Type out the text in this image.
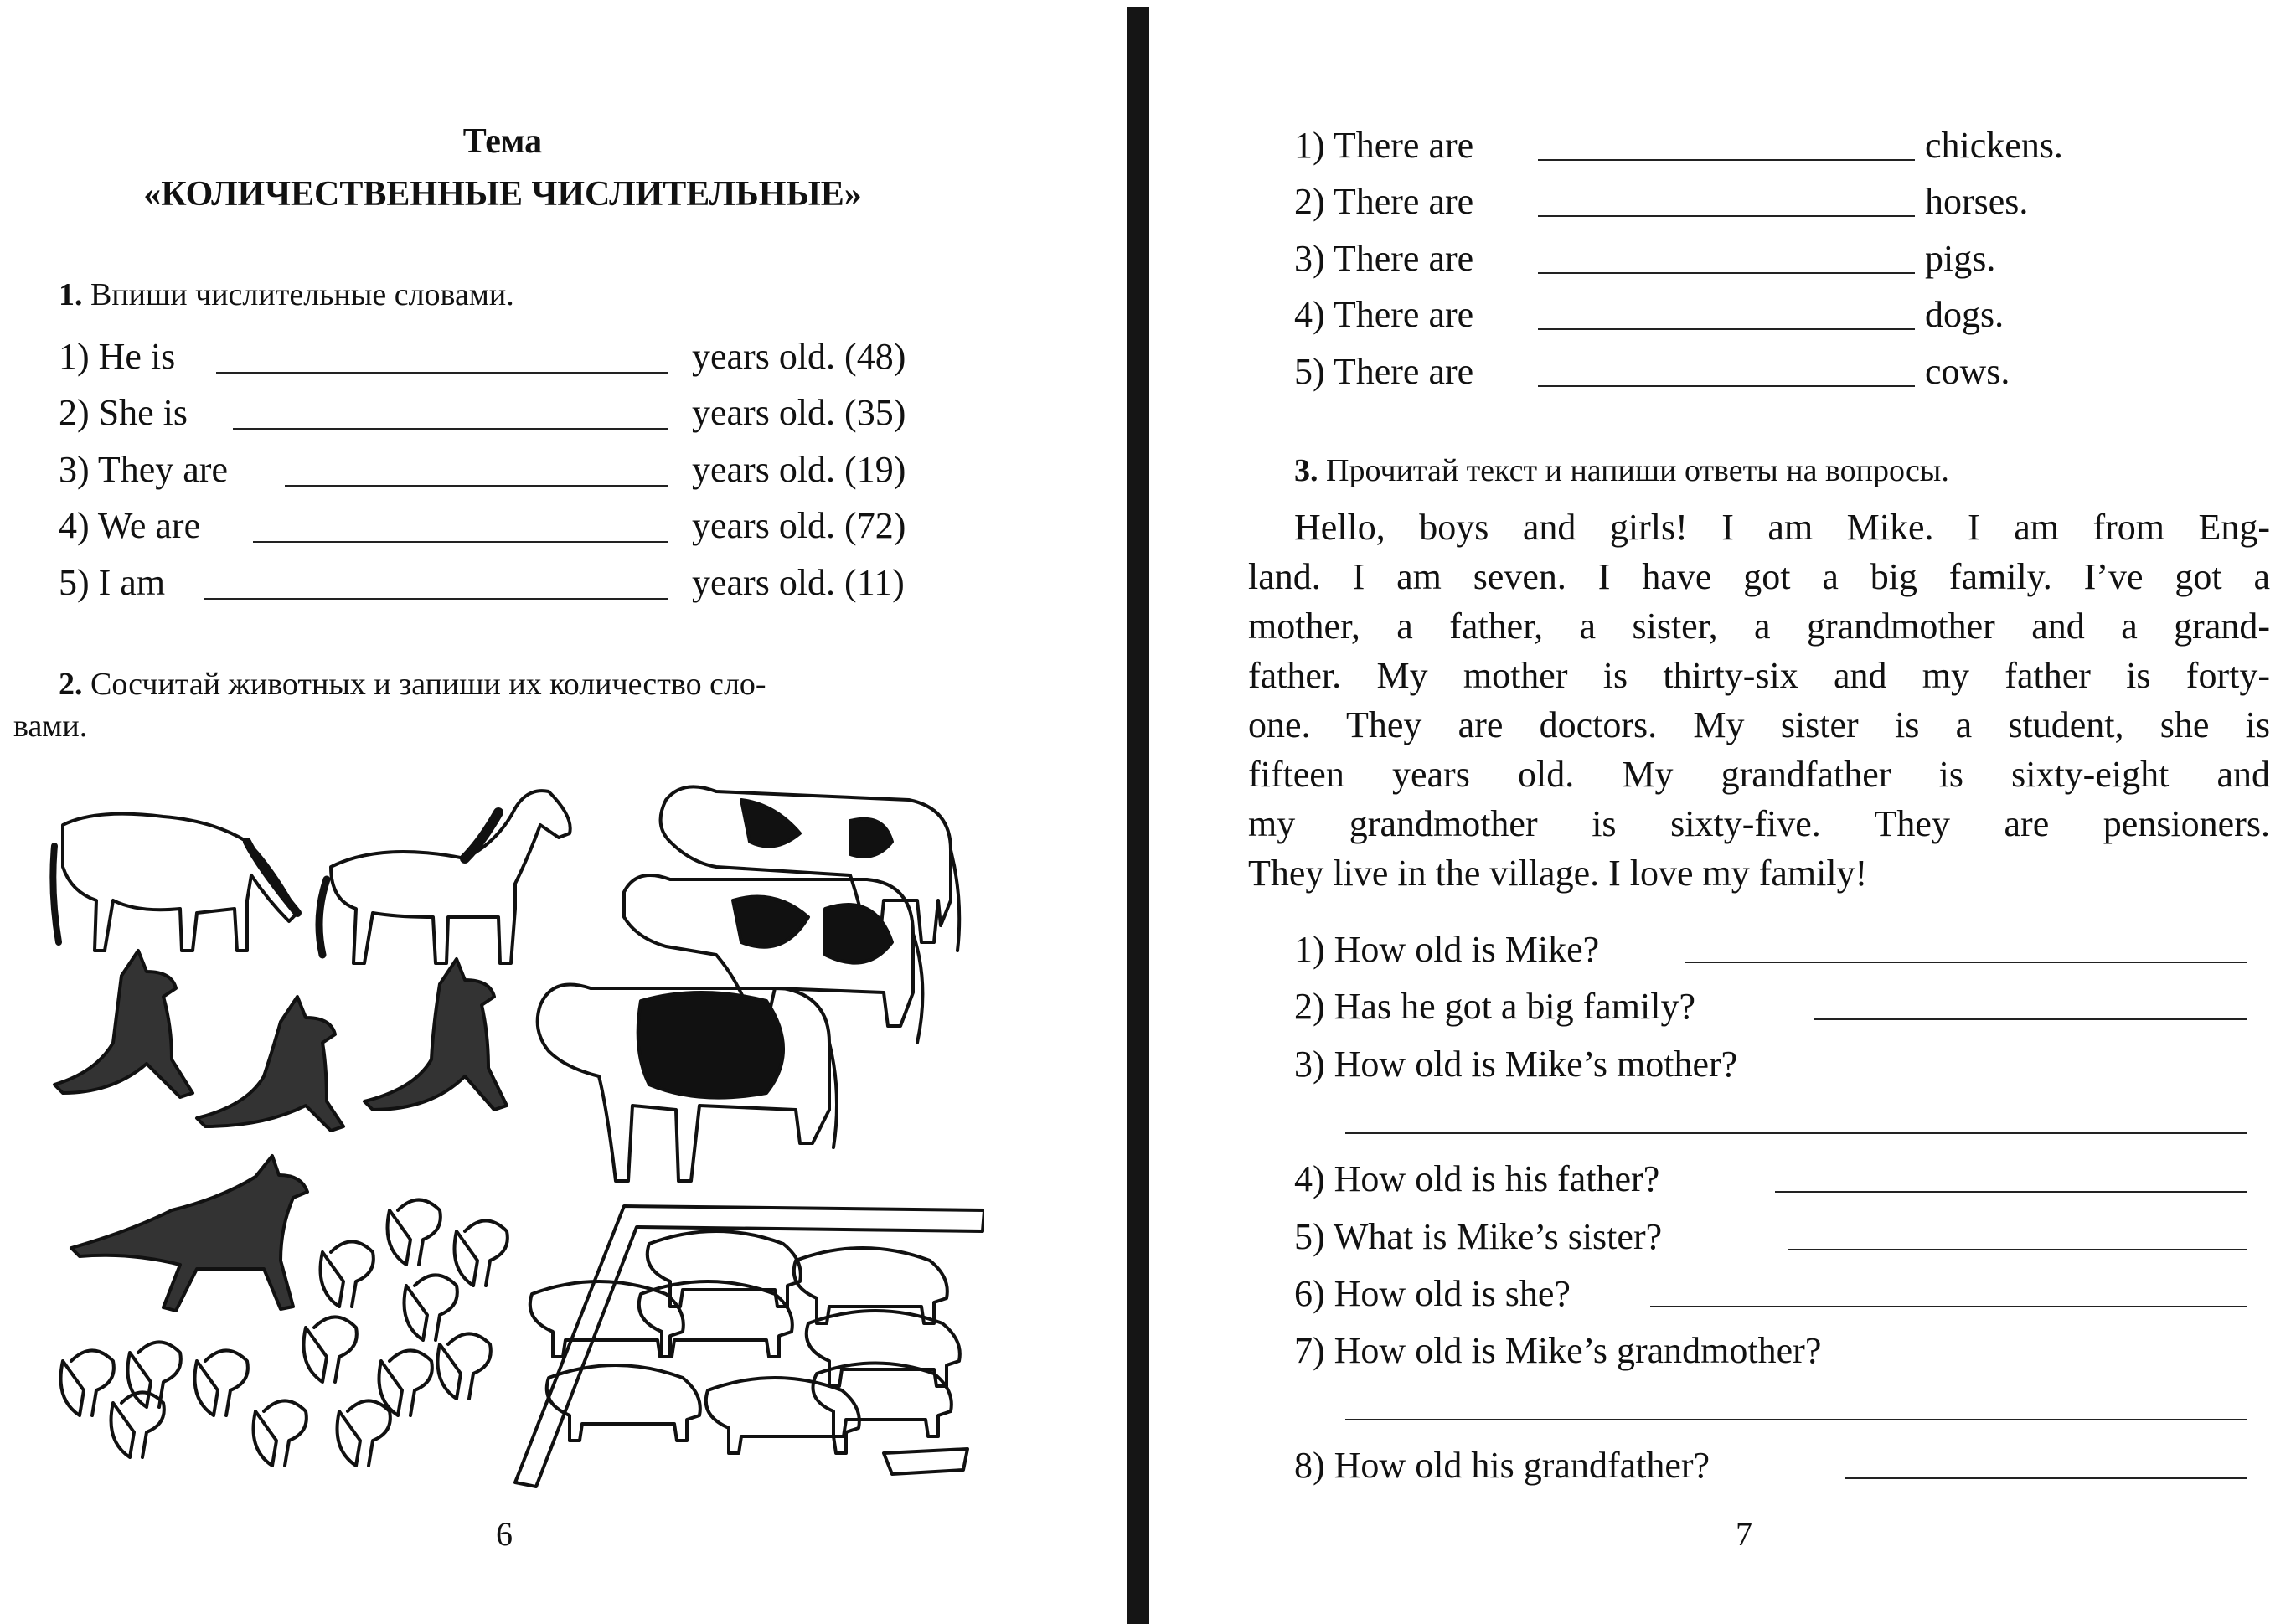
Тема
«КОЛИЧЕСТВЕННЫЕ ЧИСЛИТЕЛЬНЫЕ»
1. Впиши числительные словами.
1) He is	years old. (48)
2) She is	years old. (35)
3) They are	years old. (19)
4) We are	years old. (72)
5) I am	years old. (11)
2. Сосчитай животных и запиши их количество сло-
вами.
6
1) There are	chickens.
2) There are	horses.
3) There are	pigs.
4) There are	dogs.
5) There are	cows.
3. Прочитай текст и напиши ответы на вопросы.
Hello, boys and girls! I am Mike. I am from Eng-
land. I am seven. I have got a big family. I’ve got a
mother, a father, a sister, a grandmother and a grand-
father. My mother is thirty-six and my father is forty-
one. They are doctors. My sister is a student, she is
fifteen years old. My grandfather is sixty-eight and
my grandmother is sixty-five. They are pensioners.
They live in the village. I love my family!
1) How old is Mike?
2) Has he got a big family?
3) How old is Mike’s mother?
4) How old is his father?
5) What is Mike’s sister?
6) How old is she?
7) How old is Mike’s grandmother?
8) How old his grandfather?
7
